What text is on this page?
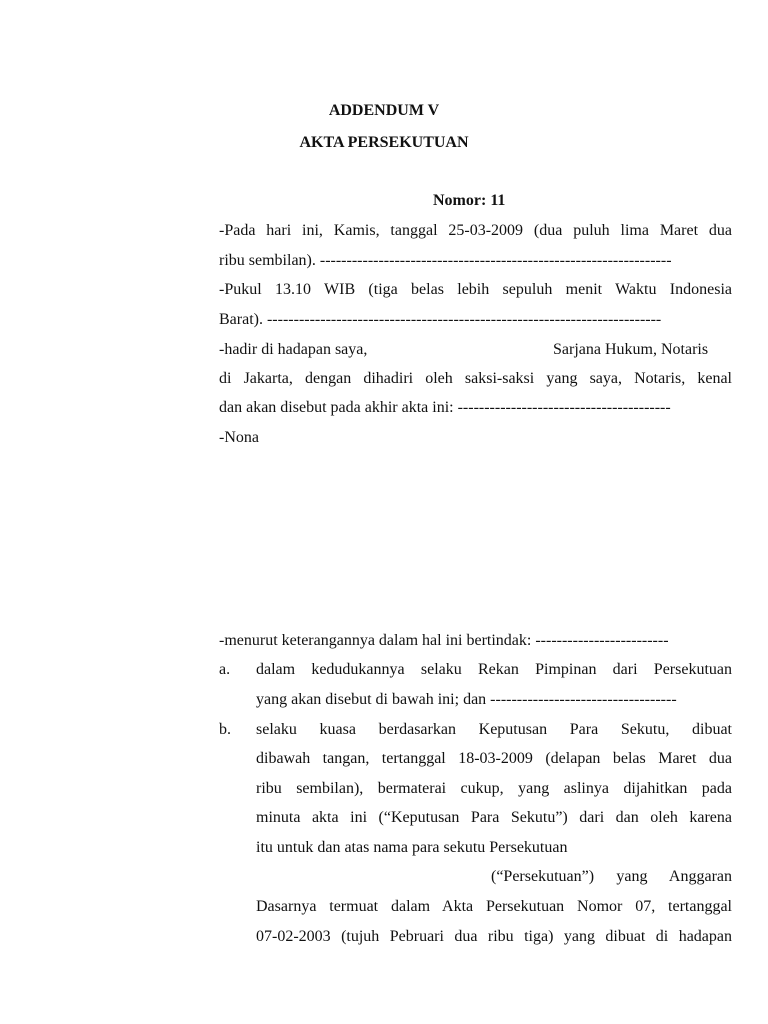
ADDENDUM V
AKTA PERSEKUTUAN
Nomor: 11
-Pada hari ini, Kamis, tanggal 25-03-2009 (dua puluh lima Maret dua
ribu sembilan). ------------------------------------------------------------------
-Pukul 13.10 WIB (tiga belas lebih sepuluh menit Waktu Indonesia
Barat). --------------------------------------------------------------------------
-hadir di hadapan saya,	Sarjana Hukum, Notaris
di Jakarta, dengan dihadiri oleh saksi-saksi yang saya, Notaris, kenal
dan akan disebut pada akhir akta ini: ----------------------------------------
-Nona
-menurut keterangannya dalam hal ini bertindak: -------------------------
a. dalam kedudukannya selaku Rekan Pimpinan dari Persekutuan
yang akan disebut di bawah ini; dan -----------------------------------
b. selaku kuasa berdasarkan Keputusan Para Sekutu, dibuat
dibawah tangan, tertanggal 18-03-2009 (delapan belas Maret dua
ribu sembilan), bermaterai cukup, yang aslinya dijahitkan pada
minuta akta ini (“Keputusan Para Sekutu”) dari dan oleh karena
itu untuk dan atas nama para sekutu Persekutuan
(“Persekutuan”) yang Anggaran
Dasarnya termuat dalam Akta Persekutuan Nomor 07, tertanggal
07-02-2003 (tujuh Pebruari dua ribu tiga) yang dibuat di hadapan
